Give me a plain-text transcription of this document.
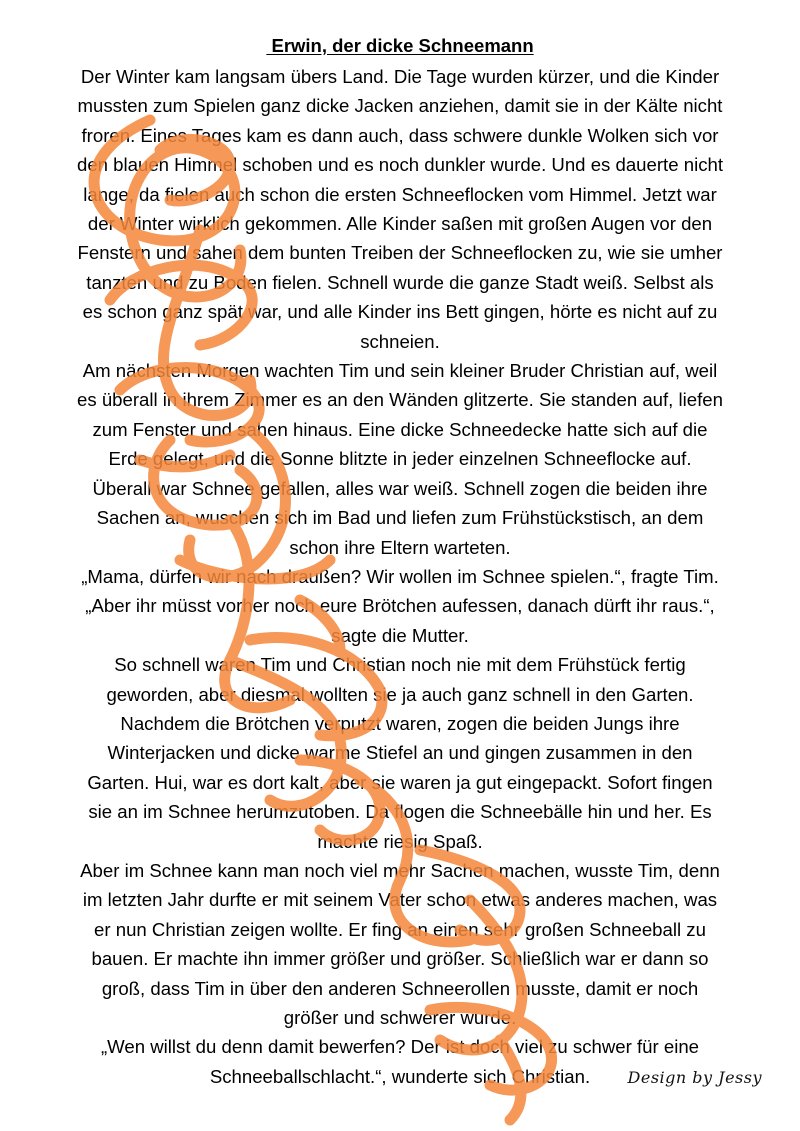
Erwin, der dicke Schneemann
Der Winter kam langsam übers Land. Die Tage wurden kürzer, und die Kinder
mussten zum Spielen ganz dicke Jacken anziehen, damit sie in der Kälte nicht
froren. Eines Tages kam es dann auch, dass schwere dunkle Wolken sich vor
den blauen Himmel schoben und es noch dunkler wurde. Und es dauerte nicht
lange, da fielen auch schon die ersten Schneeflocken vom Himmel. Jetzt war
der Winter wirklich gekommen. Alle Kinder saßen mit großen Augen vor den
Fenstern und sahen dem bunten Treiben der Schneeflocken zu, wie sie umher
tanzten und zu Boden fielen. Schnell wurde die ganze Stadt weiß. Selbst als
es schon ganz spät war, und alle Kinder ins Bett gingen, hörte es nicht auf zu
schneien.
Am nächsten Morgen wachten Tim und sein kleiner Bruder Christian auf, weil
es überall in ihrem Zimmer es an den Wänden glitzerte. Sie standen auf, liefen
zum Fenster und sahen hinaus. Eine dicke Schneedecke hatte sich auf die
Erde gelegt, und die Sonne blitzte in jeder einzelnen Schneeflocke auf.
Überall war Schnee gefallen, alles war weiß. Schnell zogen die beiden ihre
Sachen an, wuschen sich im Bad und liefen zum Frühstückstisch, an dem
schon ihre Eltern warteten.
„Mama, dürfen wir nach draußen? Wir wollen im Schnee spielen.“, fragte Tim.
„Aber ihr müsst vorher noch eure Brötchen aufessen, danach dürft ihr raus.“,
sagte die Mutter.
So schnell waren Tim und Christian noch nie mit dem Frühstück fertig
geworden, aber diesmal wollten sie ja auch ganz schnell in den Garten.
Nachdem die Brötchen verputzt waren, zogen die beiden Jungs ihre
Winterjacken und dicke warme Stiefel an und gingen zusammen in den
Garten. Hui, war es dort kalt, aber sie waren ja gut eingepackt. Sofort fingen
sie an im Schnee herumzutoben. Da flogen die Schneebälle hin und her. Es
machte riesig Spaß.
Aber im Schnee kann man noch viel mehr Sachen machen, wusste Tim, denn
im letzten Jahr durfte er mit seinem Vater schon etwas anderes machen, was
er nun Christian zeigen wollte. Er fing an einen sehr großen Schneeball zu
bauen. Er machte ihn immer größer und größer. Schließlich war er dann so
groß, dass Tim in über den anderen Schneerollen musste, damit er noch
größer und schwerer wurde.
„Wen willst du denn damit bewerfen? Der ist doch viel zu schwer für eine
Schneeballschlacht.“, wunderte sich Christian.	Design by Jessy
